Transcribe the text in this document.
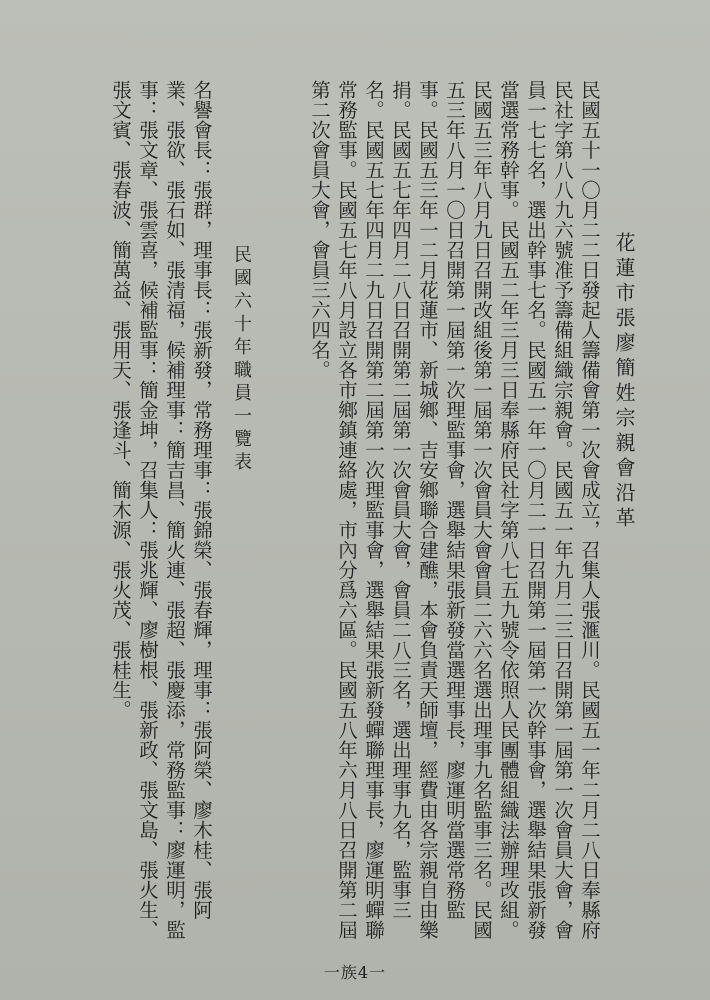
花蓮市張廖簡姓宗親會沿革
民國五十一〇月二二日發起人籌備會第一次會成立，召集人張滙川。民國五一年二月二八日奉縣府民社字第八八九六號准予籌備組織宗親會。民國五一年九月二三日召開第一屆第一次會員大會，會員一七七名，選出幹事七名。民國五一年一〇月二一日召開第一屆第一次幹事會，選舉結果張新發當選常務幹事。民國五二年三月三日奉縣府民社字第八七五九號令依照人民團體組織法辦理改組。民國五三年八月九日召開改組後第一屆第一次會員大會會員二六六名選出理事九名監事三名。民國五三年八月一〇日召開第一屆第一次理監事會，選舉結果張新發當選理事長，廖運明當選常務監事。民國五三年一二月花蓮市、新城鄉、吉安鄉聯合建醮，本會負責天師壇，經費由各宗親自由樂捐。民國五七年四月二八日召開第二屆第一次會員大會，會員二八三名，選出理事九名，監事三名。民國五七年四月二九日召開第二屆第一次理監事會，選舉結果張新發蟬聯理事長，廖運明蟬聯常務監事。民國五七年八月設立各市鄉鎮連絡處，市內分爲六區。民國五八年六月八日召開第二屆第二次會員大會，會員三六四名。
民國六十年職員一覽表
名譽會長：張群，理事長：張新發，常務理事：張錦榮、張春輝，理事：張阿榮、廖木桂、張阿業、張欲、張石如、張清福，候補理事：簡吉昌、簡火連、張超、張慶添，常務監事：廖運明，監事：張文章、張雲喜，候補監事：簡金坤，召集人：張兆輝、廖樹根、張新政、張文島、張火生、張文賓、張春波、簡萬益、張用天、張逢斗、簡木源、張火茂、張桂生。
一族4一
